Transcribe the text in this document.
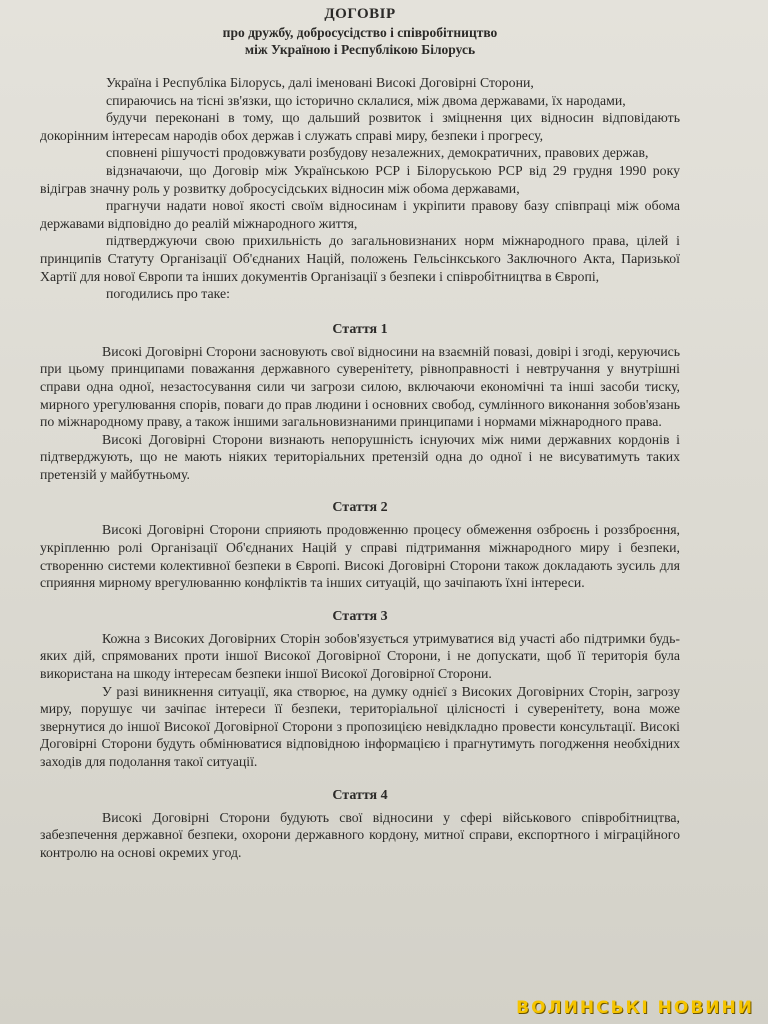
ДОГОВІР
про дружбу, добросусідство і співробітництво
між Україною і Республікою Білорусь

Україна і Республіка Білорусь, далі іменовані Високі Договірні Сторони,

спираючись на тісні зв'язки, що історично склалися, між двома державами, їх народами,

будучи переконані в тому, що дальший розвиток і зміцнення цих відносин відповідають докорінним інтересам народів обох держав і служать справі миру, безпеки і прогресу,

сповнені рішучості продовжувати розбудову незалежних, демократичних, правових держав,

відзначаючи, що Договір між Українською РСР і Білоруською РСР від 29 грудня 1990 року відіграв значну роль у розвитку добросусідських відносин між обома державами,

прагнучи надати нової якості своїм відносинам і укріпити правову базу співпраці між обома державами відповідно до реалій міжнародного життя,

підтверджуючи свою прихильність до загальновизнаних норм міжнародного права, цілей і принципів Статуту Організації Об'єднаних Націй, положень Гельсінкського Заключного Акта, Паризької Хартії для нової Європи та інших документів Організації з безпеки і співробітництва в Європі,

погодились про таке:

Стаття 1

Високі Договірні Сторони засновують свої відносини на взаємній повазі, довірі і згоді, керуючись при цьому принципами поважання державного суверенітету, рівноправності і невтручання у внутрішні справи одна одної, незастосування сили чи загрози силою, включаючи економічні та інші засоби тиску, мирного урегулювання спорів, поваги до прав людини і основних свобод, сумлінного виконання зобов'язань по міжнародному праву, а також іншими загальновизнаними принципами і нормами міжнародного права.

Високі Договірні Сторони визнають непорушність існуючих між ними державних кордонів і підтверджують, що не мають ніяких територіальних претензій одна до одної і не висуватимуть таких претензій у майбутньому.

Стаття 2

Високі Договірні Сторони сприяють продовженню процесу обмеження озброєнь і роззброєння, укріпленню ролі Організації Об'єднаних Націй у справі підтримання міжнародного миру і безпеки, створенню системи колективної безпеки в Європі. Високі Договірні Сторони також докладають зусиль для сприяння мирному врегулюванню конфліктів та інших ситуацій, що зачіпають їхні інтереси.

Стаття 3

Кожна з Високих Договірних Сторін зобов'язується утримуватися від участі або підтримки будь-яких дій, спрямованих проти іншої Високої Договірної Сторони, і не допускати, щоб її територія була використана на шкоду інтересам безпеки іншої Високої Договірної Сторони.

У разі виникнення ситуації, яка створює, на думку однієї з Високих Договірних Сторін, загрозу миру, порушує чи зачіпає інтереси її безпеки, територіальної цілісності і суверенітету, вона може звернутися до іншої Високої Договірної Сторони з пропозицією невідкладно провести консультації. Високі Договірні Сторони будуть обмінюватися відповідною інформацією і прагнутимуть погодження необхідних заходів для подолання такої ситуації.

Стаття 4

Високі Договірні Сторони будують свої відносини у сфері військового співробітництва, забезпечення державної безпеки, охорони державного кордону, митної справи, експортного і міграційного контролю на основі окремих угод.

ВОЛИНСЬКІ НОВИНИ
